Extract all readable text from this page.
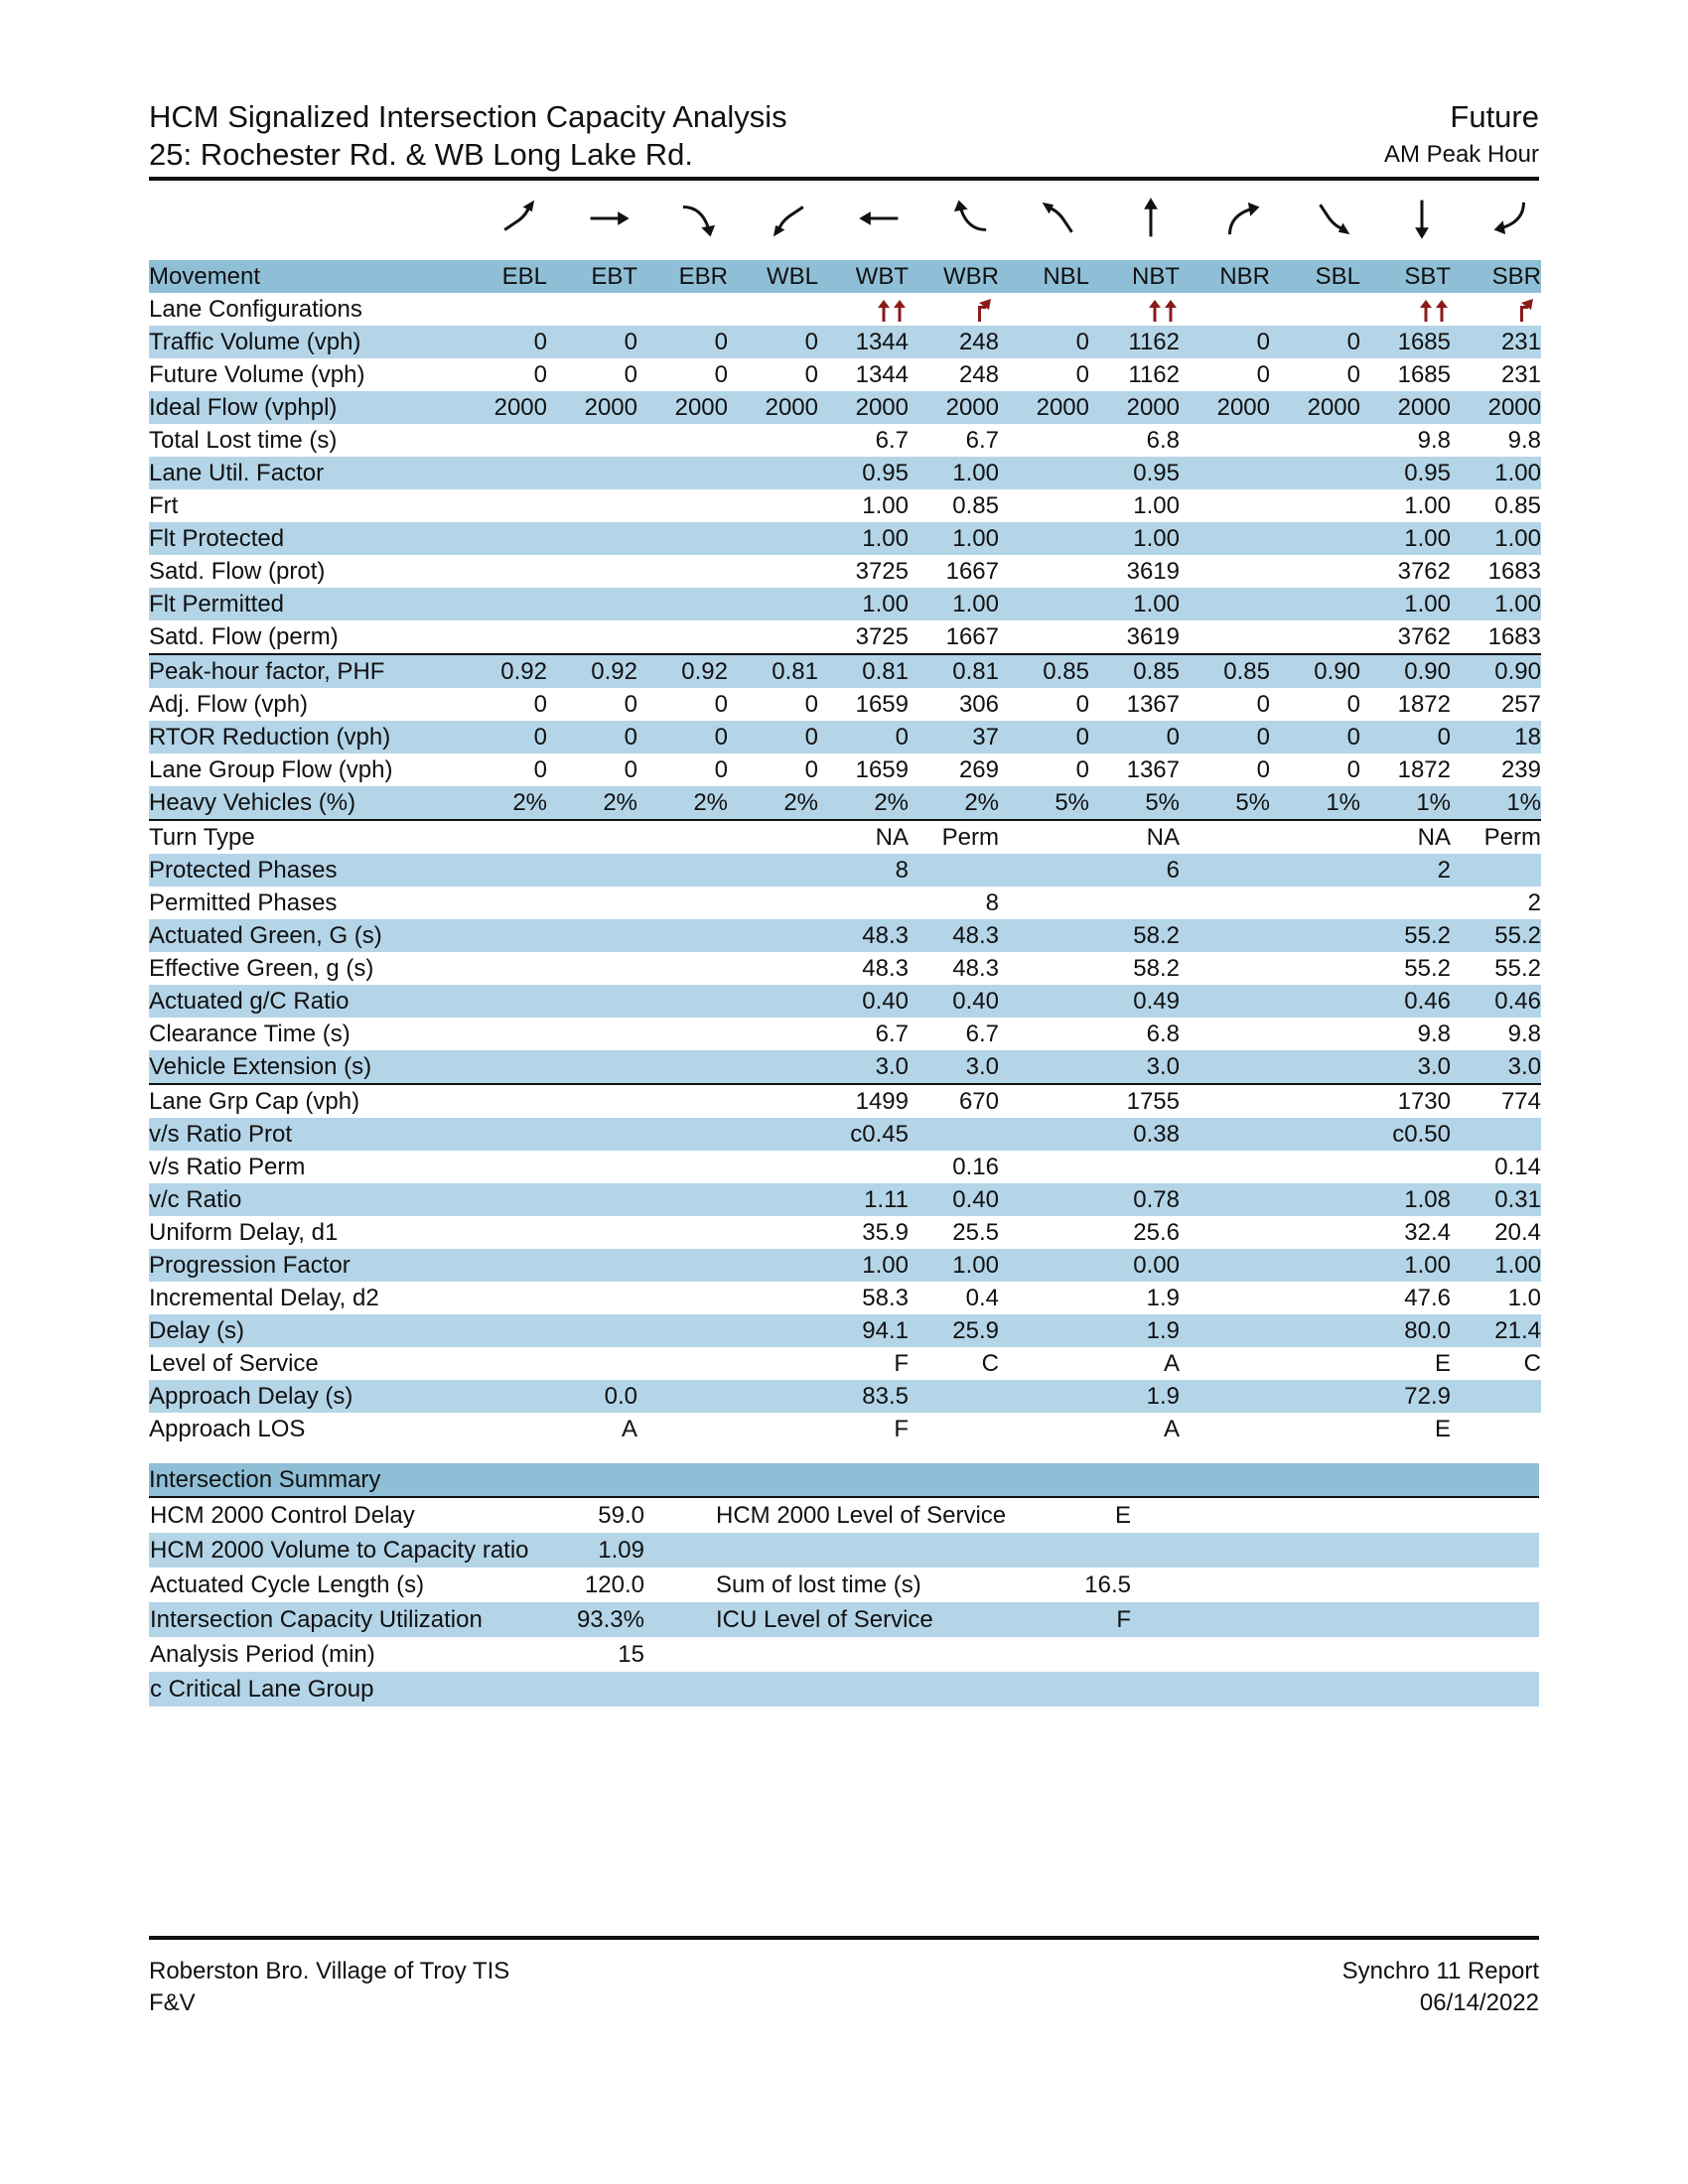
HCM Signalized Intersection Capacity Analysis
25: Rochester Rd. & WB Long Lake Rd.
Future
AM Peak Hour
Movement	EBL	EBT	EBR	WBL	WBT	WBR	NBL	NBT	NBR	SBL	SBT	SBR
Lane Configurations												
Traffic Volume (vph)	0	0	0	0	1344	248	0	1162	0	0	1685	231
Future Volume (vph)	0	0	0	0	1344	248	0	1162	0	0	1685	231
Ideal Flow (vphpl)	2000	2000	2000	2000	2000	2000	2000	2000	2000	2000	2000	2000
Total Lost time (s)					6.7	6.7		6.8			9.8	9.8
Lane Util. Factor					0.95	1.00		0.95			0.95	1.00
Frt					1.00	0.85		1.00			1.00	0.85
Flt Protected					1.00	1.00		1.00			1.00	1.00
Satd. Flow (prot)					3725	1667		3619			3762	1683
Flt Permitted					1.00	1.00		1.00			1.00	1.00
Satd. Flow (perm)					3725	1667		3619			3762	1683
Peak-hour factor, PHF	0.92	0.92	0.92	0.81	0.81	0.81	0.85	0.85	0.85	0.90	0.90	0.90
Adj. Flow (vph)	0	0	0	0	1659	306	0	1367	0	0	1872	257
RTOR Reduction (vph)	0	0	0	0	0	37	0	0	0	0	0	18
Lane Group Flow (vph)	0	0	0	0	1659	269	0	1367	0	0	1872	239
Heavy Vehicles (%)	2%	2%	2%	2%	2%	2%	5%	5%	5%	1%	1%	1%
Turn Type					NA	Perm		NA			NA	Perm
Protected Phases					8			6			2	
Permitted Phases						8						2
Actuated Green, G (s)					48.3	48.3		58.2			55.2	55.2
Effective Green, g (s)					48.3	48.3		58.2			55.2	55.2
Actuated g/C Ratio					0.40	0.40		0.49			0.46	0.46
Clearance Time (s)					6.7	6.7		6.8			9.8	9.8
Vehicle Extension (s)					3.0	3.0		3.0			3.0	3.0
Lane Grp Cap (vph)					1499	670		1755			1730	774
v/s Ratio Prot					c0.45			0.38			c0.50	
v/s Ratio Perm						0.16						0.14
v/c Ratio					1.11	0.40		0.78			1.08	0.31
Uniform Delay, d1					35.9	25.5		25.6			32.4	20.4
Progression Factor					1.00	1.00		0.00			1.00	1.00
Incremental Delay, d2					58.3	0.4		1.9			47.6	1.0
Delay (s)					94.1	25.9		1.9			80.0	21.4
Level of Service					F	C		A			E	C
Approach Delay (s)		0.0			83.5			1.9			72.9	
Approach LOS		A			F			A			E	
Intersection Summary
HCM 2000 Control Delay	59.0		HCM 2000 Level of Service	E	
HCM 2000 Volume to Capacity ratio	1.09				
Actuated Cycle Length (s)	120.0		Sum of lost time (s)	16.5	
Intersection Capacity Utilization	93.3%		ICU Level of Service	F	
Analysis Period (min)	15				
c Critical Lane Group					
Roberston Bro. Village of Troy TIS
F&V
Synchro 11 Report
06/14/2022
